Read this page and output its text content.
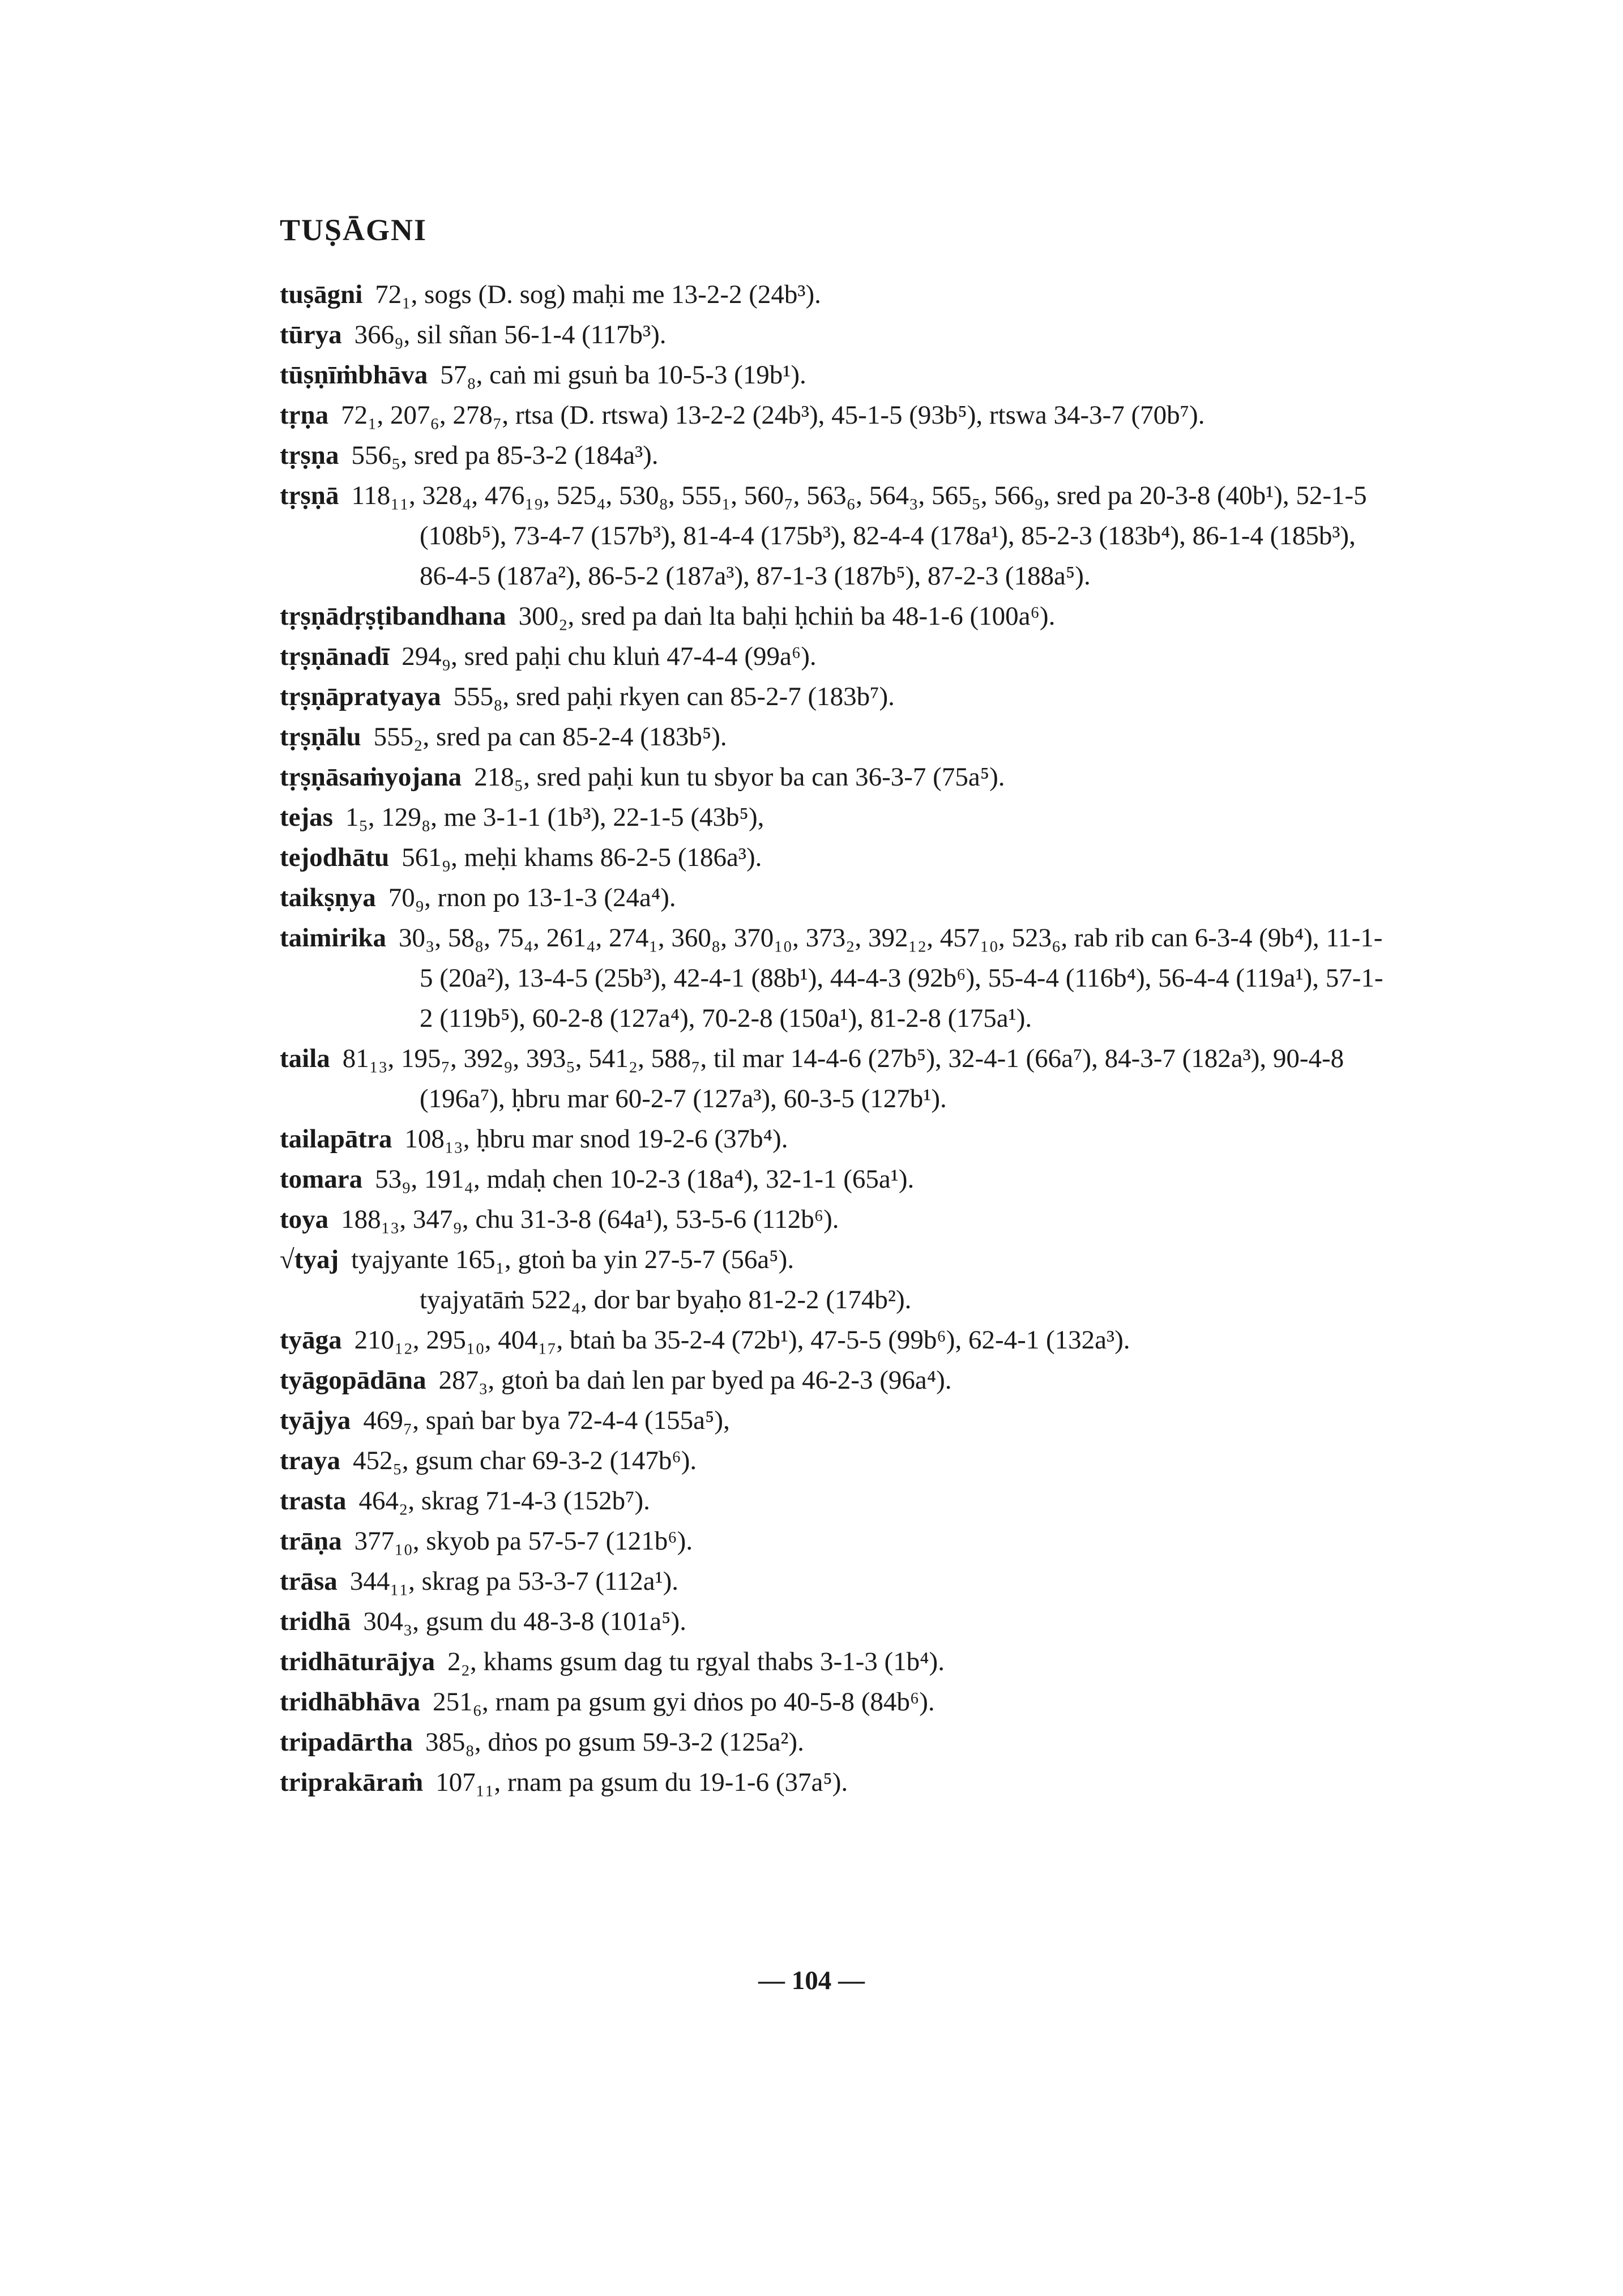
TUṢĀGNI
tuṣāgni 72₁, sogs (D. sog) maḥi me 13-2-2 (24b³).
tūrya 366₉, sil sñan 56-1-4 (117b³).
tūṣṇīṁbhāva 57₈, caṅ mi gsuṅ ba 10-5-3 (19b¹).
tṛṇa 72₁, 207₆, 278₇, rtsa (D. rtswa) 13-2-2 (24b³), 45-1-5 (93b⁵), rtswa 34-3-7 (70b⁷).
tṛṣṇa 556₅, sred pa 85-3-2 (184a³).
tṛṣṇā 118₁₁, 328₄, 476₁₉, 525₄, 530₈, 555₁, 560₇, 563₆, 564₃, 565₅, 566₉, sred pa 20-3-8 (40b¹), 52-1-5 (108b⁵), 73-4-7 (157b³), 81-4-4 (175b³), 82-4-4 (178a¹), 85-2-3 (183b⁴), 86-1-4 (185b³), 86-4-5 (187a²), 86-5-2 (187a³), 87-1-3 (187b⁵), 87-2-3 (188a⁵).
tṛṣṇādṛṣṭibandhana 300₂, sred pa daṅ lta baḥi ḥchiṅ ba 48-1-6 (100a⁶).
tṛṣṇānadī 294₉, sred paḥi chu kluṅ 47-4-4 (99a⁶).
tṛṣṇāpratyaya 555₈, sred paḥi rkyen can 85-2-7 (183b⁷).
tṛṣṇālu 555₂, sred pa can 85-2-4 (183b⁵).
tṛṣṇāsaṁyojana 218₅, sred paḥi kun tu sbyor ba can 36-3-7 (75a⁵).
tejas 1₅, 129₈, me 3-1-1 (1b³), 22-1-5 (43b⁵),
tejodhātu 561₉, meḥi khams 86-2-5 (186a³).
taikṣṇya 70₉, rnon po 13-1-3 (24a⁴).
taimirika 30₃, 58₈, 75₄, 261₄, 274₁, 360₈, 370₁₀, 373₂, 392₁₂, 457₁₀, 523₆, rab rib can 6-3-4 (9b⁴), 11-1-5 (20a²), 13-4-5 (25b³), 42-4-1 (88b¹), 44-4-3 (92b⁶), 55-4-4 (116b⁴), 56-4-4 (119a¹), 57-1-2 (119b⁵), 60-2-8 (127a⁴), 70-2-8 (150a¹), 81-2-8 (175a¹).
taila 81₁₃, 195₇, 392₉, 393₅, 541₂, 588₇, til mar 14-4-6 (27b⁵), 32-4-1 (66a⁷), 84-3-7 (182a³), 90-4-8 (196a⁷), ḥbru mar 60-2-7 (127a³), 60-3-5 (127b¹).
tailapātra 108₁₃, ḥbru mar snod 19-2-6 (37b⁴).
tomara 53₉, 191₄, mdaḥ chen 10-2-3 (18a⁴), 32-1-1 (65a¹).
toya 188₁₃, 347₉, chu 31-3-8 (64a¹), 53-5-6 (112b⁶).
√tyaj tyajyante 165₁, gtoṅ ba yin 27-5-7 (56a⁵).
tyajyatāṁ 522₄, dor bar byaḥo 81-2-2 (174b²).
tyāga 210₁₂, 295₁₀, 404₁₇, btaṅ ba 35-2-4 (72b¹), 47-5-5 (99b⁶), 62-4-1 (132a³).
tyāgopādāna 287₃, gtoṅ ba daṅ len par byed pa 46-2-3 (96a⁴).
tyājya 469₇, spaṅ bar bya 72-4-4 (155a⁵),
traya 452₅, gsum char 69-3-2 (147b⁶).
trasta 464₂, skrag 71-4-3 (152b⁷).
trāṇa 377₁₀, skyob pa 57-5-7 (121b⁶).
trāsa 344₁₁, skrag pa 53-3-7 (112a¹).
tridhā 304₃, gsum du 48-3-8 (101a⁵).
tridhāturājya 2₂, khams gsum dag tu rgyal thabs 3-1-3 (1b⁴).
tridhābhāva 251₆, rnam pa gsum gyi dṅos po 40-5-8 (84b⁶).
tripadārtha 385₈, dṅos po gsum 59-3-2 (125a²).
triprakāraṁ 107₁₁, rnam pa gsum du 19-1-6 (37a⁵).
— 104 —
